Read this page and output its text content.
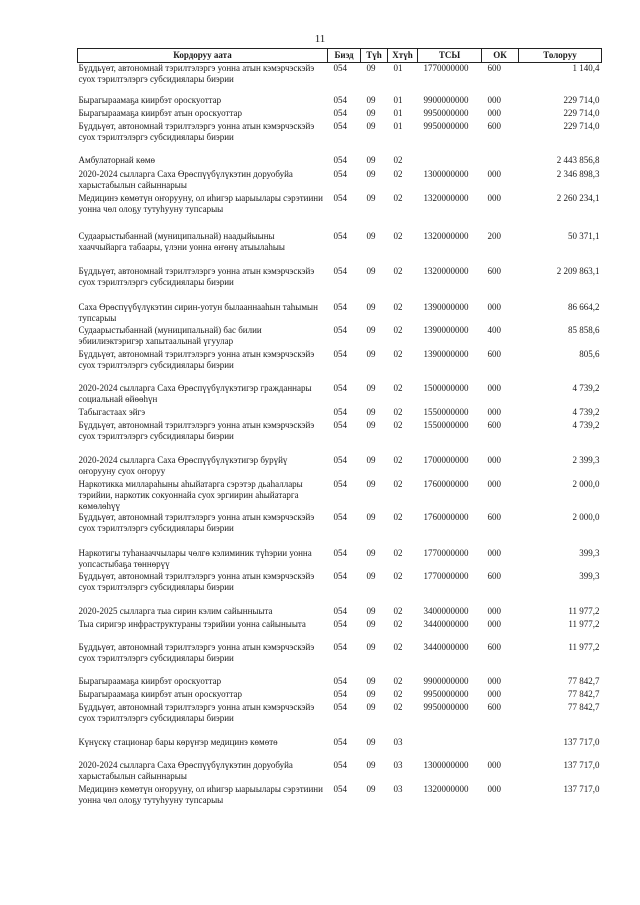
11
Кордоруу аата	Биэд	Түһ	Хтүһ	ТСЫ	ОК	Толоруу
Бүддьүөт, автономнай тэрилтэлэргэ уонна атын кэмэрчэскэйэ суох тэрилтэлэргэ субсидиялары биэрии	054	09	01	1770000000	600	1 140,4
Бырагыраамаҕа киирбэт ороскуоттар	054	09	01	9900000000	000	229 714,0
Бырагыраамаҕа киирбэт атын ороскуоттар	054	09	01	9950000000	000	229 714,0
Бүддьүөт, автономнай тэрилтэлэргэ уонна атын кэмэрчэскэйэ суох тэрилтэлэргэ субсидиялары биэрии	054	09	01	9950000000	600	229 714,0
Амбулаторнай көмө	054	09	02			2 443 856,8
2020-2024 сылларга Саха Өрөспүүбүлүкэтин доруобуйа харыстабылын сайыннарыы	054	09	02	1300000000	000	2 346 898,3
Медицинэ көмөтүн оҥорууну, ол иһигэр ыарыылары сэрэтиини уонна чөл олоҕу тутуһууну тупсарыы	054	09	02	1320000000	000	2 260 234,1
Судаарыстыбаннай (муниципальнай) наадыйыыны хааччыйарга табаары, үлэни уонна өҥөнү атыылаһыы	054	09	02	1320000000	200	50 371,1
Бүддьүөт, автономнай тэрилтэлэргэ уонна атын кэмэрчэскэйэ суох тэрилтэлэргэ субсидиялары биэрии	054	09	02	1320000000	600	2 209 863,1
Саха Өрөспүүбүлүкэтин сирин-уотун былааннааһын таһымын тупсарыы	054	09	02	1390000000	000	86 664,2
Судаарыстыбаннай (муниципальнай) бас билии эбиилиэктэригэр хапытаалынай үгуулар	054	09	02	1390000000	400	85 858,6
Бүддьүөт, автономнай тэрилтэлэргэ уонна атын кэмэрчэскэйэ суох тэрилтэлэргэ субсидиялары биэрии	054	09	02	1390000000	600	805,6
2020-2024 сылларга Саха Өрөспүүбүлүкэтигэр гражданнары социальнай өйөөһүн	054	09	02	1500000000	000	4 739,2
Табыгастаах эйгэ	054	09	02	1550000000	000	4 739,2
Бүддьүөт, автономнай тэрилтэлэргэ уонна атын кэмэрчэскэйэ суох тэрилтэлэргэ субсидиялары биэрии	054	09	02	1550000000	600	4 739,2
2020-2024 сылларга Саха Өрөспүүбүлүкэтигэр бурүйү оҥорууну суох оҥоруу	054	09	02	1700000000	000	2 399,3
Наркотикка миллараһыны аһыйатарга сэрэтэр дьаһаллары тэрийии, наркотик сокуоннайа суох эргиирин аһыйатарга көмөлөһүү	054	09	02	1760000000	000	2 000,0
Бүддьүөт, автономнай тэрилтэлэргэ уонна атын кэмэрчэскэйэ суох тэрилтэлэргэ субсидиялары биэрии	054	09	02	1760000000	600	2 000,0
Наркотигы туһанааччылары чөлгө кэлиминик түһэрии уонна уопсастыбаҕа төннөрүү	054	09	02	1770000000	000	399,3
Бүддьүөт, автономнай тэрилтэлэргэ уонна атын кэмэрчэскэйэ суох тэрилтэлэргэ субсидиялары биэрии	054	09	02	1770000000	600	399,3
2020-2025 сылларга тыа сирин кэлим сайынныыта	054	09	02	3400000000	000	11 977,2
Тыа сиригэр инфраструктураны тэрийии уонна сайыныыта	054	09	02	3440000000	000	11 977,2
Бүддьүөт, автономнай тэрилтэлэргэ уонна атын кэмэрчэскэйэ суох тэрилтэлэргэ субсидиялары биэрии	054	09	02	3440000000	600	11 977,2
Бырагыраамаҕа киирбэт ороскуоттар	054	09	02	9900000000	000	77 842,7
Бырагыраамаҕа киирбэт атын ороскуоттар	054	09	02	9950000000	000	77 842,7
Бүддьүөт, автономнай тэрилтэлэргэ уонна атын кэмэрчэскэйэ суох тэрилтэлэргэ субсидиялары биэрии	054	09	02	9950000000	600	77 842,7
Күнүскү стационар бары көрүҥэр медицинэ көмөтө	054	09	03			137 717,0
2020-2024 сылларга Саха Өрөспүүбүлүкэтин доруобуйа харыстабылын сайыннарыы	054	09	03	1300000000	000	137 717,0
Медицинэ көмөтүн оҥорууну, ол иһигэр ыарыылары сэрэтиини уонна чөл олоҕу тутуһууну тупсарыы	054	09	03	1320000000	000	137 717,0
